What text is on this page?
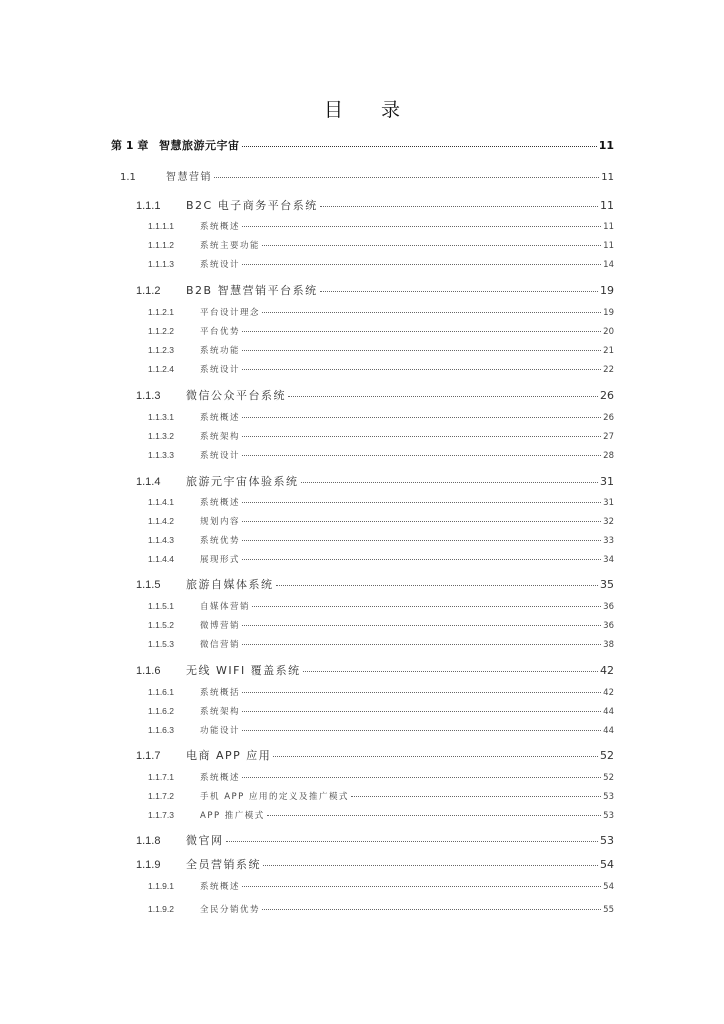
目 录
第 1 章 智慧旅游元宇宙	11
1.1	智慧营销	11
1.1.1	B2C 电子商务平台系统	11
1.1.1.1	系统概述	11
1.1.1.2	系统主要功能	11
1.1.1.3	系统设计	14
1.1.2	B2B 智慧营销平台系统	19
1.1.2.1	平台设计理念	19
1.1.2.2	平台优势	20
1.1.2.3	系统功能	21
1.1.2.4	系统设计	22
1.1.3	微信公众平台系统	26
1.1.3.1	系统概述	26
1.1.3.2	系统架构	27
1.1.3.3	系统设计	28
1.1.4	旅游元宇宙体验系统	31
1.1.4.1	系统概述	31
1.1.4.2	规划内容	32
1.1.4.3	系统优势	33
1.1.4.4	展现形式	34
1.1.5	旅游自媒体系统	35
1.1.5.1	自媒体营销	36
1.1.5.2	微博营销	36
1.1.5.3	微信营销	38
1.1.6	无线 WIFI 覆盖系统	42
1.1.6.1	系统概括	42
1.1.6.2	系统架构	44
1.1.6.3	功能设计	44
1.1.7	电商 APP 应用	52
1.1.7.1	系统概述	52
1.1.7.2	手机 APP 应用的定义及推广模式	53
1.1.7.3	APP 推广模式	53
1.1.8	微官网	53
1.1.9	全员营销系统	54
1.1.9.1	系统概述	54
1.1.9.2	全民分销优势	55
